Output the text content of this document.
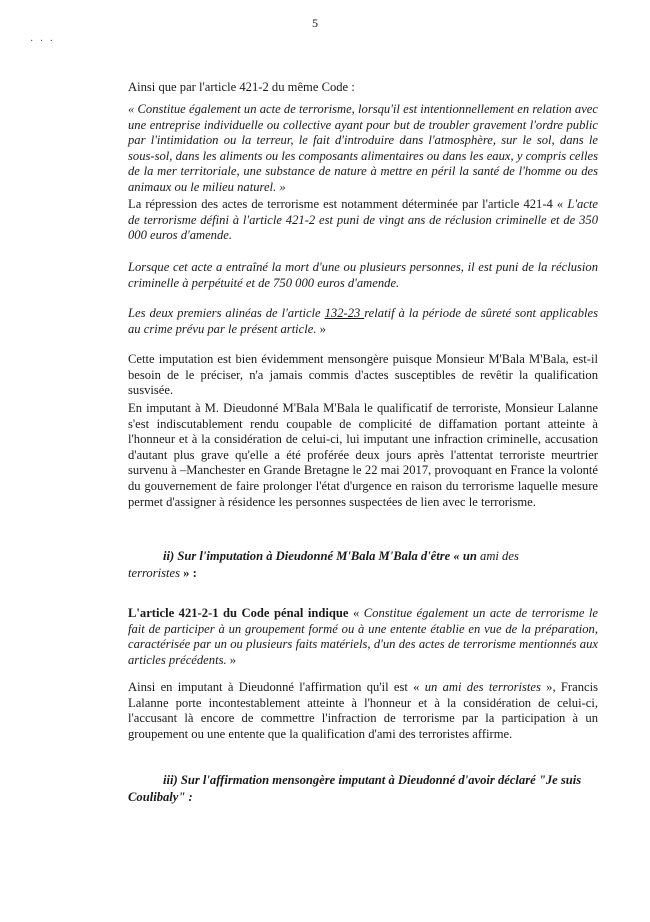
5
· · ·

Ainsi que par l'article 421-2 du même Code :

« Constitue également un acte de terrorisme, lorsqu'il est intentionnellement en relation avec une entreprise individuelle ou collective ayant pour but de troubler gravement l'ordre public par l'intimidation ou la terreur, le fait d'introduire dans l'atmosphère, sur le sol, dans le sous-sol, dans les aliments ou les composants alimentaires ou dans les eaux, y compris celles de la mer territoriale, une substance de nature à mettre en péril la santé de l'homme ou des animaux ou le milieu naturel. »

La répression des actes de terrorisme est notamment déterminée par l'article 421-4 « L'acte de terrorisme défini à l'article 421-2 est puni de vingt ans de réclusion criminelle et de 350 000 euros d'amende.

Lorsque cet acte a entraîné la mort d'une ou plusieurs personnes, il est puni de la réclusion criminelle à perpétuité et de 750 000 euros d'amende.

Les deux premiers alinéas de l'article 132-23 relatif à la période de sûreté sont applicables au crime prévu par le présent article. »

Cette imputation est bien évidemment mensongère puisque Monsieur M'Bala M'Bala, est-il besoin de le préciser, n'a jamais commis d'actes susceptibles de revêtir la qualification susvisée.

En imputant à M. Dieudonné M'Bala M'Bala le qualificatif de terroriste, Monsieur Lalanne s'est indiscutablement rendu coupable de complicité de diffamation portant atteinte à l'honneur et à la considération de celui-ci, lui imputant une infraction criminelle, accusation d'autant plus grave qu'elle a été proférée deux jours après l'attentat terroriste meurtrier survenu à –Manchester en Grande Bretagne le 22 mai 2017, provoquant en France la volonté du gouvernement de faire prolonger l'état d'urgence en raison du terrorisme laquelle mesure permet d'assigner à résidence les personnes suspectées de lien avec le terrorisme.

ii) Sur l'imputation à Dieudonné M'Bala M'Bala d'être « un ami des
terroristes » :

L'article 421-2-1 du Code pénal indique « Constitue également un acte de terrorisme le fait de participer à un groupement formé ou à une entente établie en vue de la préparation, caractérisée par un ou plusieurs faits matériels, d'un des actes de terrorisme mentionnés aux articles précédents. »

Ainsi en imputant à Dieudonné l'affirmation qu'il est « un ami des terroristes », Francis Lalanne porte incontestablement atteinte à l'honneur et à la considération de celui-ci, l'accusant là encore de commettre l'infraction de terrorisme par la participation à un groupement ou une entente que la qualification d'ami des terroristes affirme.

iii) Sur l'affirmation mensongère imputant à Dieudonné d'avoir déclaré "Je suis
Coulibaly" :
